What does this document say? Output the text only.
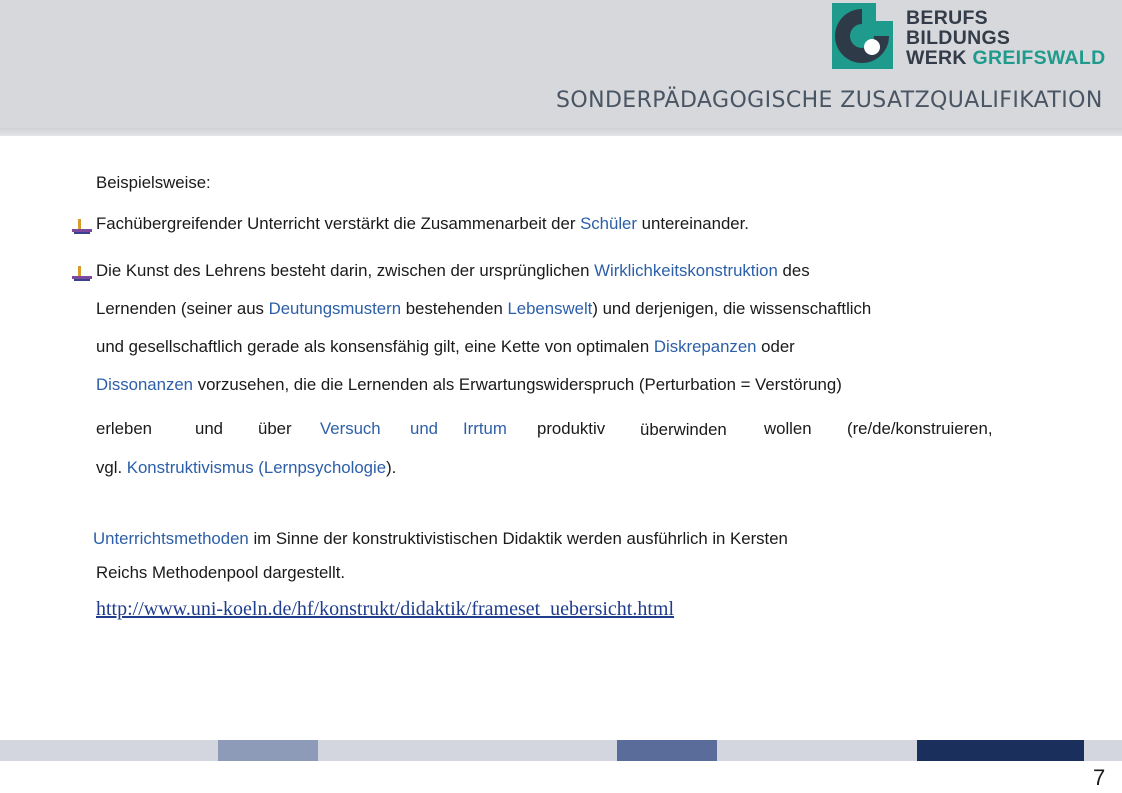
BERUFS
BILDUNGS
WERK GREIFSWALD
SONDERPÄDAGOGISCHE ZUSATZQUALIFIKATION
Beispielsweise:
Fachübergreifender Unterricht verstärkt die Zusammenarbeit der Schüler untereinander.
Die Kunst des Lehrens besteht darin, zwischen der ursprünglichen Wirklichkeitskonstruktion des
Lernenden (seiner aus Deutungsmustern bestehenden Lebenswelt) und derjenigen, die wissenschaftlich
und gesellschaftlich gerade als konsensfähig gilt, eine Kette von optimalen Diskrepanzen oder
Dissonanzen vorzusehen, die die Lernenden als Erwartungswiderspruch (Perturbation = Verstörung)
erleben	und über Versuch und Irrtum produktiv überwinden wollen (re/de/konstruieren,
vgl. Konstruktivismus (Lernpsychologie).
Unterrichtsmethoden im Sinne der konstruktivistischen Didaktik werden ausführlich in Kersten
Reichs Methodenpool dargestellt.
http://www.uni-koeln.de/hf/konstrukt/didaktik/frameset_uebersicht.html
7
